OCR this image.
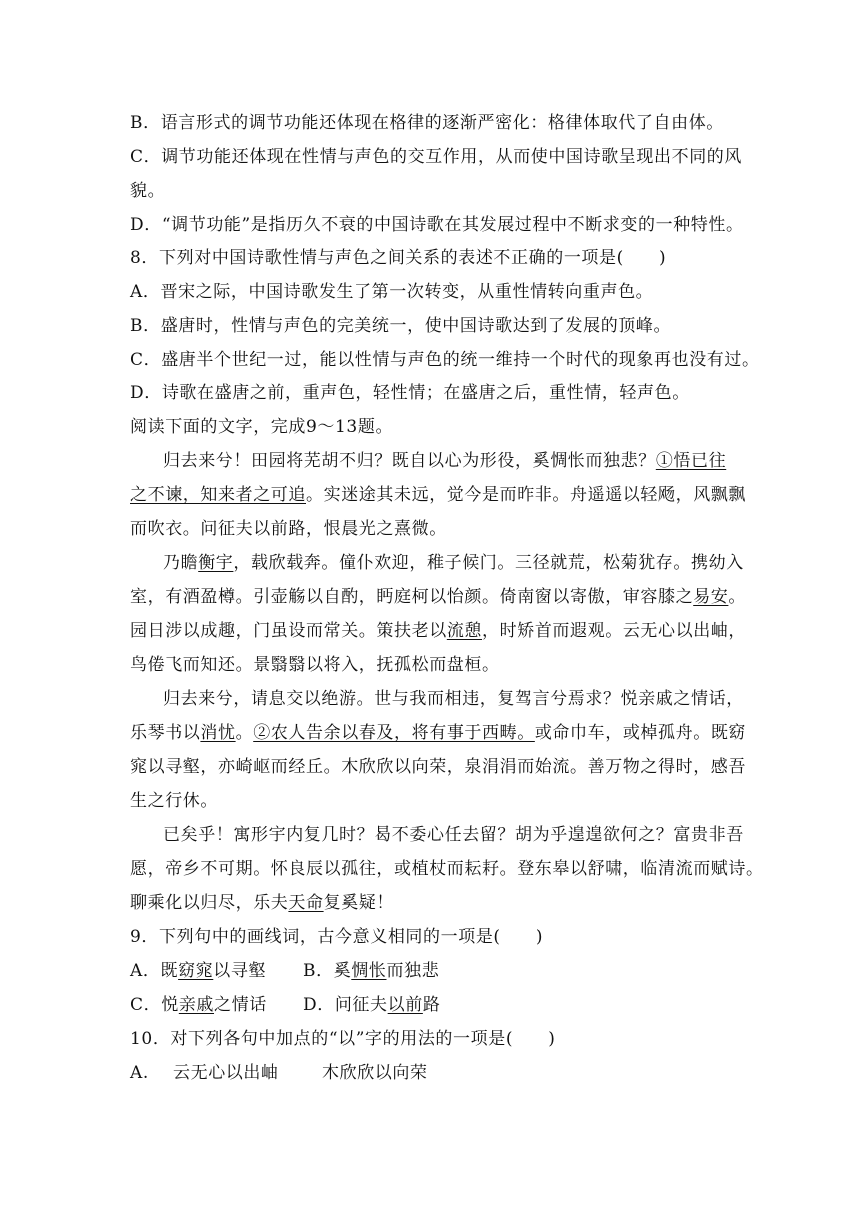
B．语言形式的调节功能还体现在格律的逐渐严密化：格律体取代了自由体。
C．调节功能还体现在性情与声色的交互作用，从而使中国诗歌呈现出不同的风
貌。
D．“调节功能”是指历久不衰的中国诗歌在其发展过程中不断求变的一种特性。
8．下列对中国诗歌性情与声色之间关系的表述不正确的一项是(　　)
A．晋宋之际，中国诗歌发生了第一次转变，从重性情转向重声色。
B．盛唐时，性情与声色的完美统一，使中国诗歌达到了发展的顶峰。
C．盛唐半个世纪一过，能以性情与声色的统一维持一个时代的现象再也没有过。
D．诗歌在盛唐之前，重声色，轻性情；在盛唐之后，重性情，轻声色。
阅读下面的文字，完成9～13题。
归去来兮！田园将芜胡不归？既自以心为形役，奚惆怅而独悲？①悟已往
之不谏，知来者之可追。实迷途其未远，觉今是而昨非。舟遥遥以轻飏，风飘飘
而吹衣。问征夫以前路，恨晨光之熹微。
乃瞻衡宇，载欣载奔。僮仆欢迎，稚子候门。三径就荒，松菊犹存。携幼入
室，有酒盈樽。引壶觞以自酌，眄庭柯以怡颜。倚南窗以寄傲，审容膝之易安。
园日涉以成趣，门虽设而常关。策扶老以流憩，时矫首而遐观。云无心以出岫，
鸟倦飞而知还。景翳翳以将入，抚孤松而盘桓。
归去来兮，请息交以绝游。世与我而相违，复驾言兮焉求？悦亲戚之情话，
乐琴书以消忧。②农人告余以春及，将有事于西畴。或命巾车，或棹孤舟。既窈
窕以寻壑，亦崎岖而经丘。木欣欣以向荣，泉涓涓而始流。善万物之得时，感吾
生之行休。
已矣乎！寓形宇内复几时？曷不委心任去留？胡为乎遑遑欲何之？富贵非吾
愿，帝乡不可期。怀良辰以孤往，或植杖而耘耔。登东皋以舒啸，临清流而赋诗。
聊乘化以归尽，乐夫天命复奚疑！
9．下列句中的画线词，古今意义相同的一项是(　　)
A．既窈窕以寻壑 B．奚惆怅而独悲
C．悦亲戚之情话 D．问征夫以前路
10．对下列各句中加点的“以”字的用法的一项是(　　)
A. 云无心以出岫	木欣欣以向荣
